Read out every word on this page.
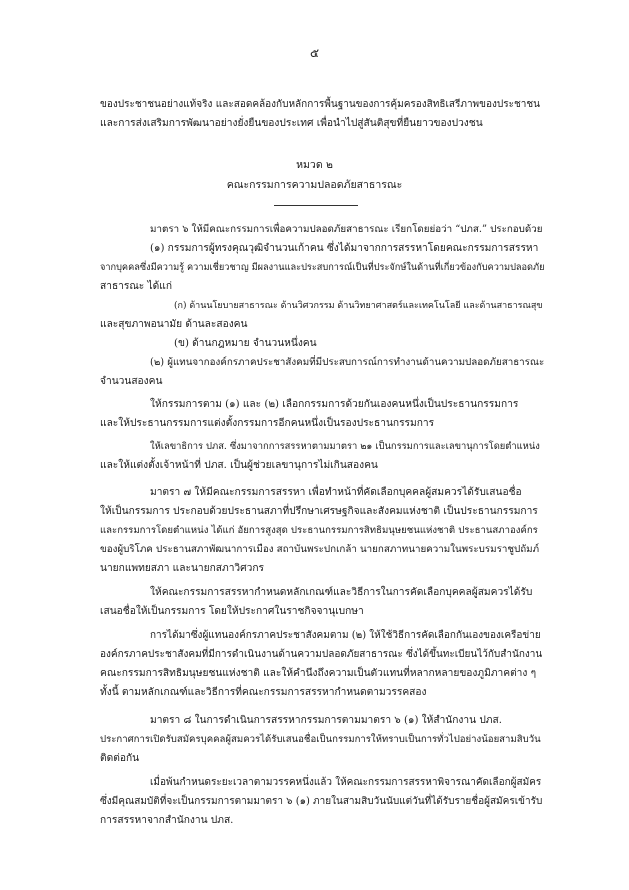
๕
ของประชาชนอย่างแท้จริง และสอดคล้องกับหลักการพื้นฐานของการคุ้มครองสิทธิเสรีภาพของประชาชน
และการส่งเสริมการพัฒนาอย่างยั่งยืนของประเทศ เพื่อนำไปสู่สันติสุขที่ยืนยาวของปวงชน
หมวด ๒
คณะกรรมการความปลอดภัยสาธารณะ
มาตรา ๖ ให้มีคณะกรรมการเพื่อความปลอดภัยสาธารณะ เรียกโดยย่อว่า “ปภส.” ประกอบด้วย
(๑) กรรมการผู้ทรงคุณวุฒิจำนวนเก้าคน ซึ่งได้มาจากการสรรหาโดยคณะกรรมการสรรหา
จากบุคคลซึ่งมีความรู้ ความเชี่ยวชาญ มีผลงานและประสบการณ์เป็นที่ประจักษ์ในด้านที่เกี่ยวข้องกับความปลอดภัย
สาธารณะ ได้แก่
(ก) ด้านนโยบายสาธารณะ ด้านวิศวกรรม ด้านวิทยาศาสตร์และเทคโนโลยี และด้านสาธารณสุข
และสุขภาพอนามัย ด้านละสองคน
(ข) ด้านกฎหมาย จำนวนหนึ่งคน
(๒) ผู้แทนจากองค์กรภาคประชาสังคมที่มีประสบการณ์การทำงานด้านความปลอดภัยสาธารณะ
จำนวนสองคน
ให้กรรมการตาม (๑) และ (๒) เลือกกรรมการด้วยกันเองคนหนึ่งเป็นประธานกรรมการ
และให้ประธานกรรมการแต่งตั้งกรรมการอีกคนหนึ่งเป็นรองประธานกรรมการ
ให้เลขาธิการ ปภส. ซึ่งมาจากการสรรหาตามมาตรา ๒๑ เป็นกรรมการและเลขานุการโดยตำแหน่ง
และให้แต่งตั้งเจ้าหน้าที่ ปภส. เป็นผู้ช่วยเลขานุการไม่เกินสองคน
มาตรา ๗ ให้มีคณะกรรมการสรรหา เพื่อทำหน้าที่คัดเลือกบุคคลผู้สมควรได้รับเสนอชื่อ
ให้เป็นกรรมการ ประกอบด้วยประธานสภาที่ปรึกษาเศรษฐกิจและสังคมแห่งชาติ เป็นประธานกรรมการ
และกรรมการโดยตำแหน่ง ได้แก่ อัยการสูงสุด ประธานกรรมการสิทธิมนุษยชนแห่งชาติ ประธานสภาองค์กร
ของผู้บริโภค ประธานสภาพัฒนาการเมือง สถาบันพระปกเกล้า นายกสภาทนายความในพระบรมราชูปถัมภ์
นายกแพทยสภา และนายกสภาวิศวกร
ให้คณะกรรมการสรรหากำหนดหลักเกณฑ์และวิธีการในการคัดเลือกบุคคลผู้สมควรได้รับ
เสนอชื่อให้เป็นกรรมการ โดยให้ประกาศในราชกิจจานุเบกษา
การได้มาซึ่งผู้แทนองค์กรภาคประชาสังคมตาม (๒) ให้ใช้วิธีการคัดเลือกกันเองของเครือข่าย
องค์กรภาคประชาสังคมที่มีการดำเนินงานด้านความปลอดภัยสาธารณะ ซึ่งได้ขึ้นทะเบียนไว้กับสำนักงาน
คณะกรรมการสิทธิมนุษยชนแห่งชาติ และให้คำนึงถึงความเป็นตัวแทนที่หลากหลายของภูมิภาคต่าง ๆ
ทั้งนี้ ตามหลักเกณฑ์และวิธีการที่คณะกรรมการสรรหากำหนดตามวรรคสอง
มาตรา ๘ ในการดำเนินการสรรหากรรมการตามมาตรา ๖ (๑) ให้สำนักงาน ปภส.
ประกาศการเปิดรับสมัครบุคคลผู้สมควรได้รับเสนอชื่อเป็นกรรมการให้ทราบเป็นการทั่วไปอย่างน้อยสามสิบวัน
ติดต่อกัน
เมื่อพ้นกำหนดระยะเวลาตามวรรคหนึ่งแล้ว ให้คณะกรรมการสรรหาพิจารณาคัดเลือกผู้สมัคร
ซึ่งมีคุณสมบัติที่จะเป็นกรรมการตามมาตรา ๖ (๑) ภายในสามสิบวันนับแต่วันที่ได้รับรายชื่อผู้สมัครเข้ารับ
การสรรหาจากสำนักงาน ปภส.
